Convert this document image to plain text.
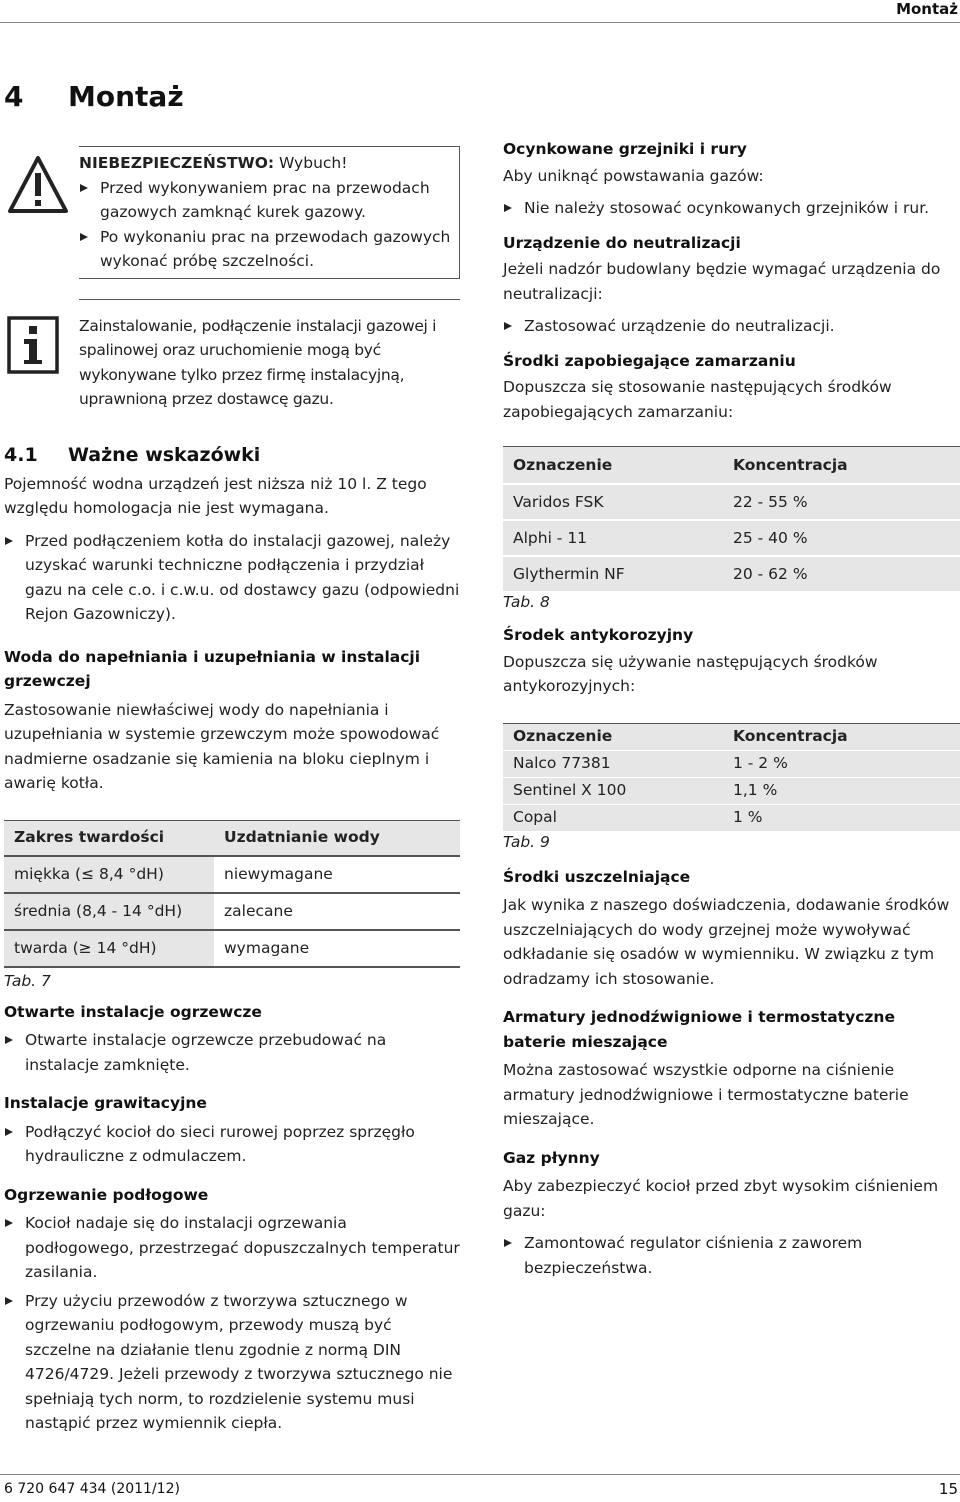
Montaż
4 Montaż

NIEBEZPIECZEŃSTWO: Wybuch!

Przed wykonywaniem prac na przewodach gazowych zamknąć kurek gazowy.

Po wykonaniu prac na przewodach gazowych wykonać próbę szczelności.

Zainstalowanie, podłączenie instalacji gazowej i spalinowej oraz uruchomienie mogą być wykonywane tylko przez firmę instalacyjną, uprawnioną przez dostawcę gazu.

4.1 Ważne wskazówki

Pojemność wodna urządzeń jest niższa niż 10 l. Z tego względu homologacja nie jest wymagana.

Przed podłączeniem kotła do instalacji gazowej, należy uzyskać warunki techniczne podłączenia i przydział gazu na cele c.o. i c.w.u. od dostawcy gazu (odpowiedni Rejon Gazowniczy).

Woda do napełniania i uzupełniania w instalacji grzewczej

Zastosowanie niewłaściwej wody do napełniania i uzupełniania w systemie grzewczym może spowodować nadmierne osadzanie się kamienia na bloku cieplnym i awarię kotła.

Zakres twardości	Uzdatnianie wody
miękka (≤ 8,4 °dH)	niewymagane
średnia (8,4 - 14 °dH)	zalecane
twarda (≥ 14 °dH)	wymagane

Tab. 7

Otwarte instalacje ogrzewcze

Otwarte instalacje ogrzewcze przebudować na instalacje zamknięte.

Instalacje grawitacyjne

Podłączyć kocioł do sieci rurowej poprzez sprzęgło hydrauliczne z odmulaczem.

Ogrzewanie podłogowe

Kocioł nadaje się do instalacji ogrzewania podłogowego, przestrzegać dopuszczalnych temperatur zasilania.

Przy użyciu przewodów z tworzywa sztucznego w ogrzewaniu podłogowym, przewody muszą być szczelne na działanie tlenu zgodnie z normą DIN 4726/4729. Jeżeli przewody z tworzywa sztucznego nie spełniają tych norm, to rozdzielenie systemu musi nastąpić przez wymiennik ciepła.

Ocynkowane grzejniki i rury

Aby uniknąć powstawania gazów:

Nie należy stosować ocynkowanych grzejników i rur.

Urządzenie do neutralizacji

Jeżeli nadzór budowlany będzie wymagać urządzenia do neutralizacji:

Zastosować urządzenie do neutralizacji.

Środki zapobiegające zamarzaniu

Dopuszcza się stosowanie następujących środków zapobiegających zamarzaniu:

Oznaczenie	Koncentracja
Varidos FSK	22 - 55 %
Alphi - 11	25 - 40 %
Glythermin NF	20 - 62 %

Tab. 8

Środek antykorozyjny

Dopuszcza się używanie następujących środków antykorozyjnych:

Oznaczenie	Koncentracja
Nalco 77381	1 - 2 %
Sentinel X 100	1,1 %
Copal	1 %

Tab. 9

Środki uszczelniające

Jak wynika z naszego doświadczenia, dodawanie środków uszczelniających do wody grzejnej może wywoływać odkładanie się osadów w wymienniku. W związku z tym odradzamy ich stosowanie.

Armatury jednodźwigniowe i termostatyczne baterie mieszające

Można zastosować wszystkie odporne na ciśnienie armatury jednodźwigniowe i termostatyczne baterie mieszające.

Gaz płynny

Aby zabezpieczyć kocioł przed zbyt wysokim ciśnieniem gazu:

Zamontować regulator ciśnienia z zaworem bezpieczeństwa.

6 720 647 434 (2011/12)	15
